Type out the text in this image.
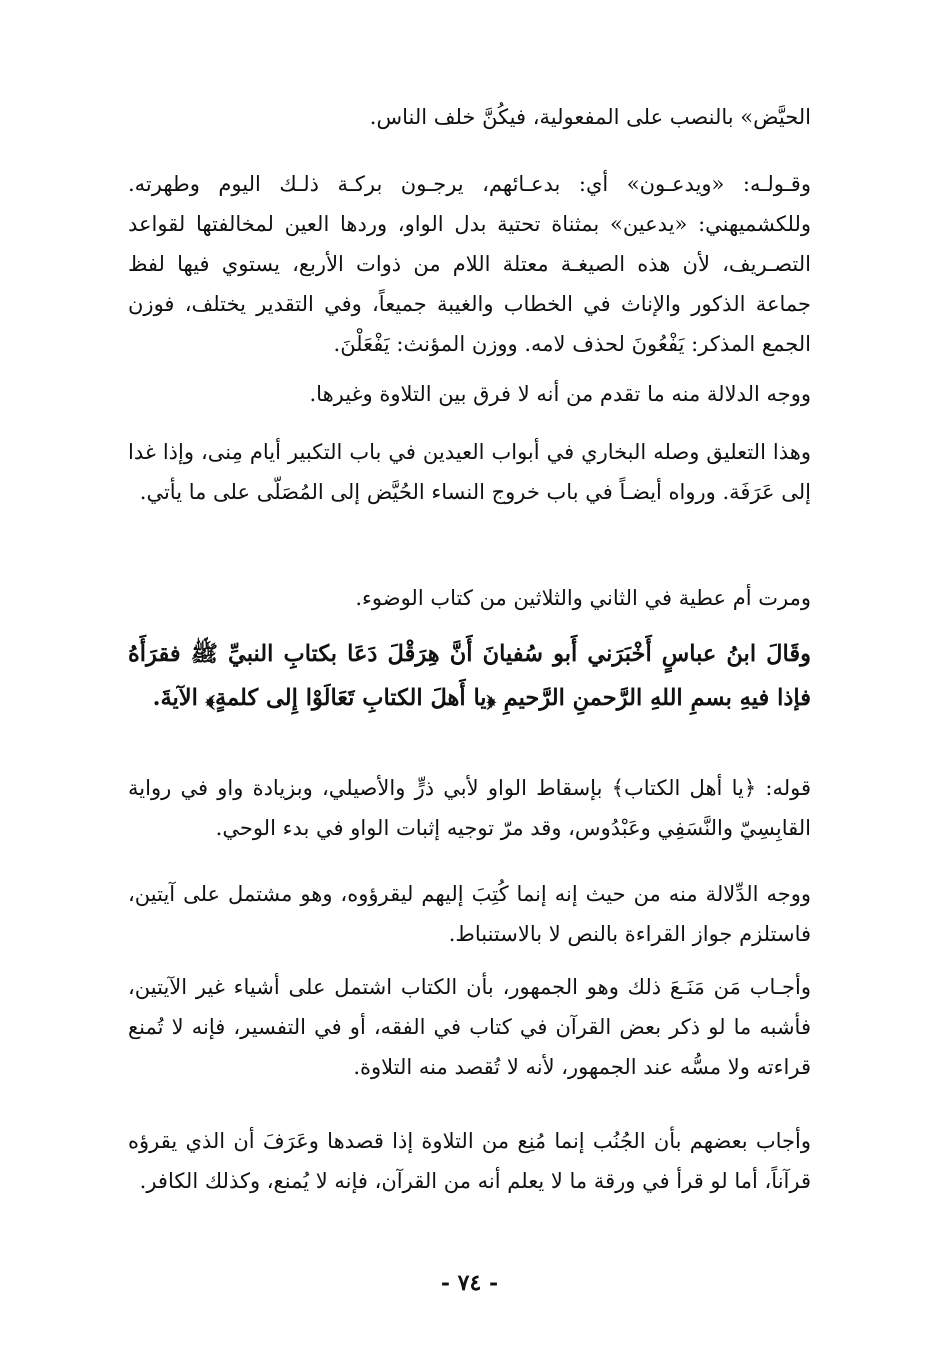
الحيَّض» بالنصب على المفعولية، فيكُنَّ خلف الناس.

وقـولـه: «ويدعـون» أي: بدعـائهم، يرجـون بركـة ذلـك اليوم وطهرته. وللكشميهني: «يدعين» بمثناة تحتية بدل الواو، وردها العين لمخالفتها لقواعد التصـريف، لأن هذه الصيغـة معتلة اللام من ذوات الأربع، يستوي فيها لفظ جماعة الذكور والإناث في الخطاب والغيبة جميعاً، وفي التقدير يختلف، فوزن الجمع المذكر: يَفْعُونَ لحذف لامه. ووزن المؤنث: يَفْعَلْنَ.

ووجه الدلالة منه ما تقدم من أنه لا فرق بين التلاوة وغيرها.

وهذا التعليق وصله البخاري في أبواب العيدين في باب التكبير أيام مِنى، وإذا غدا إلى عَرَفَة. ورواه أيضـاً في باب خروج النساء الحُيَّض إلى المُصَلّى على ما يأتي.

ومرت أم عطية في الثاني والثلاثين من كتاب الوضوء.

وقَالَ ابنُ عباسٍ أَخْبَرَني أَبو سُفيانَ أَنَّ هِرَقْلَ دَعَا بكتابِ النبيِّ ﷺ فقرَأَهُ فإذا فيهِ بسمِ اللهِ الرَّحمنِ الرَّحيمِ ﴿يا أَهلَ الكتابِ تَعَالَوْا إِلى كلمةٍ﴾ الآيةَ.

قوله: ﴿يا أهل الكتاب﴾ بإسقاط الواو لأبي ذرٍّ والأصيلي، وبزيادة واو في رواية القابِسِيّ والنَّسَفِي وعَبْدُوس، وقد مرّ توجيه إثبات الواو في بدء الوحي.

ووجه الدِّلالة منه من حيث إنه إنما كُتِبَ إليهم ليقرؤوه، وهو مشتمل على آيتين، فاستلزم جواز القراءة بالنص لا بالاستنباط.

وأجـاب مَن مَنَـعَ ذلك وهو الجمهور، بأن الكتاب اشتمل على أشياء غير الآيتين، فأشبه ما لو ذكر بعض القرآن في كتاب في الفقه، أو في التفسير، فإنه لا تُمنع قراءته ولا مسُّه عند الجمهور، لأنه لا تُقصد منه التلاوة.

وأجاب بعضهم بأن الجُنُب إنما مُنِع من التلاوة إذا قصدها وعَرَفَ أن الذي يقرؤه قرآناً، أما لو قرأ في ورقة ما لا يعلم أنه من القرآن، فإنه لا يُمنع، وكذلك الكافر.

- ٧٤ -
